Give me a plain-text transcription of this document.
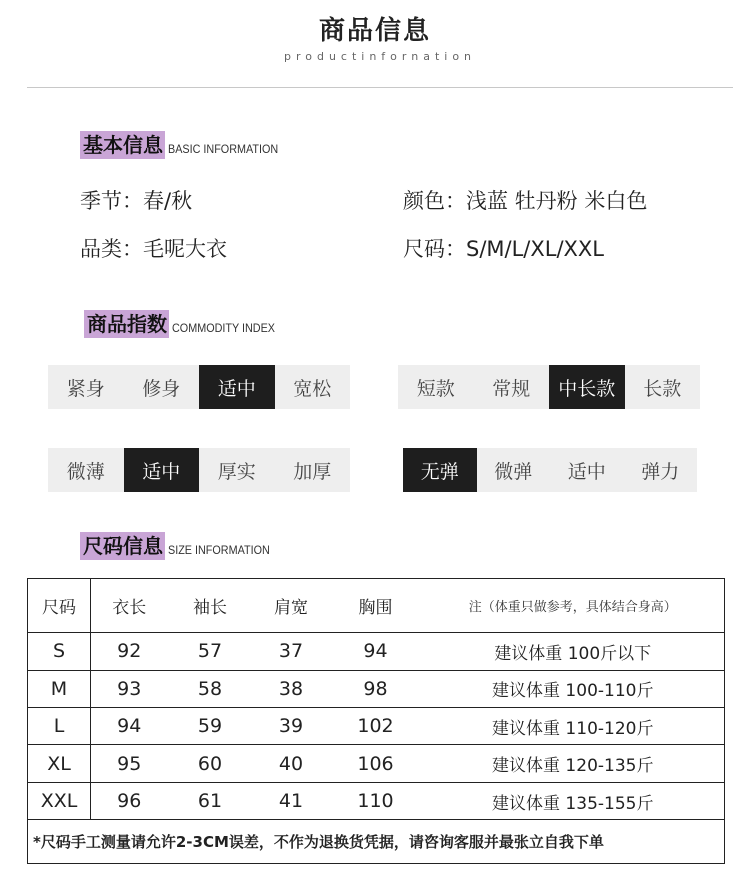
商品信息
productinfornation
基本信息 BASIC INFORMATION
季节：春/秋	颜色：浅蓝 牡丹粉 米白色
品类：毛呢大衣	尺码：S/M/L/XL/XXL
商品指数 COMMODITY INDEX
紧身	修身	适中	宽松	短款	常规	中长款	长款
微薄	适中	厚实	加厚	无弹	微弹	适中	弹力
尺码信息 SIZE INFORMATION
尺码	衣长	袖长	肩宽	胸围	注（体重只做参考，具体结合身高）
S	92	57	37	94	建议体重 100斤以下
M	93	58	38	98	建议体重 100-110斤
L	94	59	39	102	建议体重 110-120斤
XL	95	60	40	106	建议体重 120-135斤
XXL	96	61	41	110	建议体重 135-155斤
*尺码手工测量请允许2-3CM误差，不作为退换货凭据，请咨询客服并最张立自我下单					
